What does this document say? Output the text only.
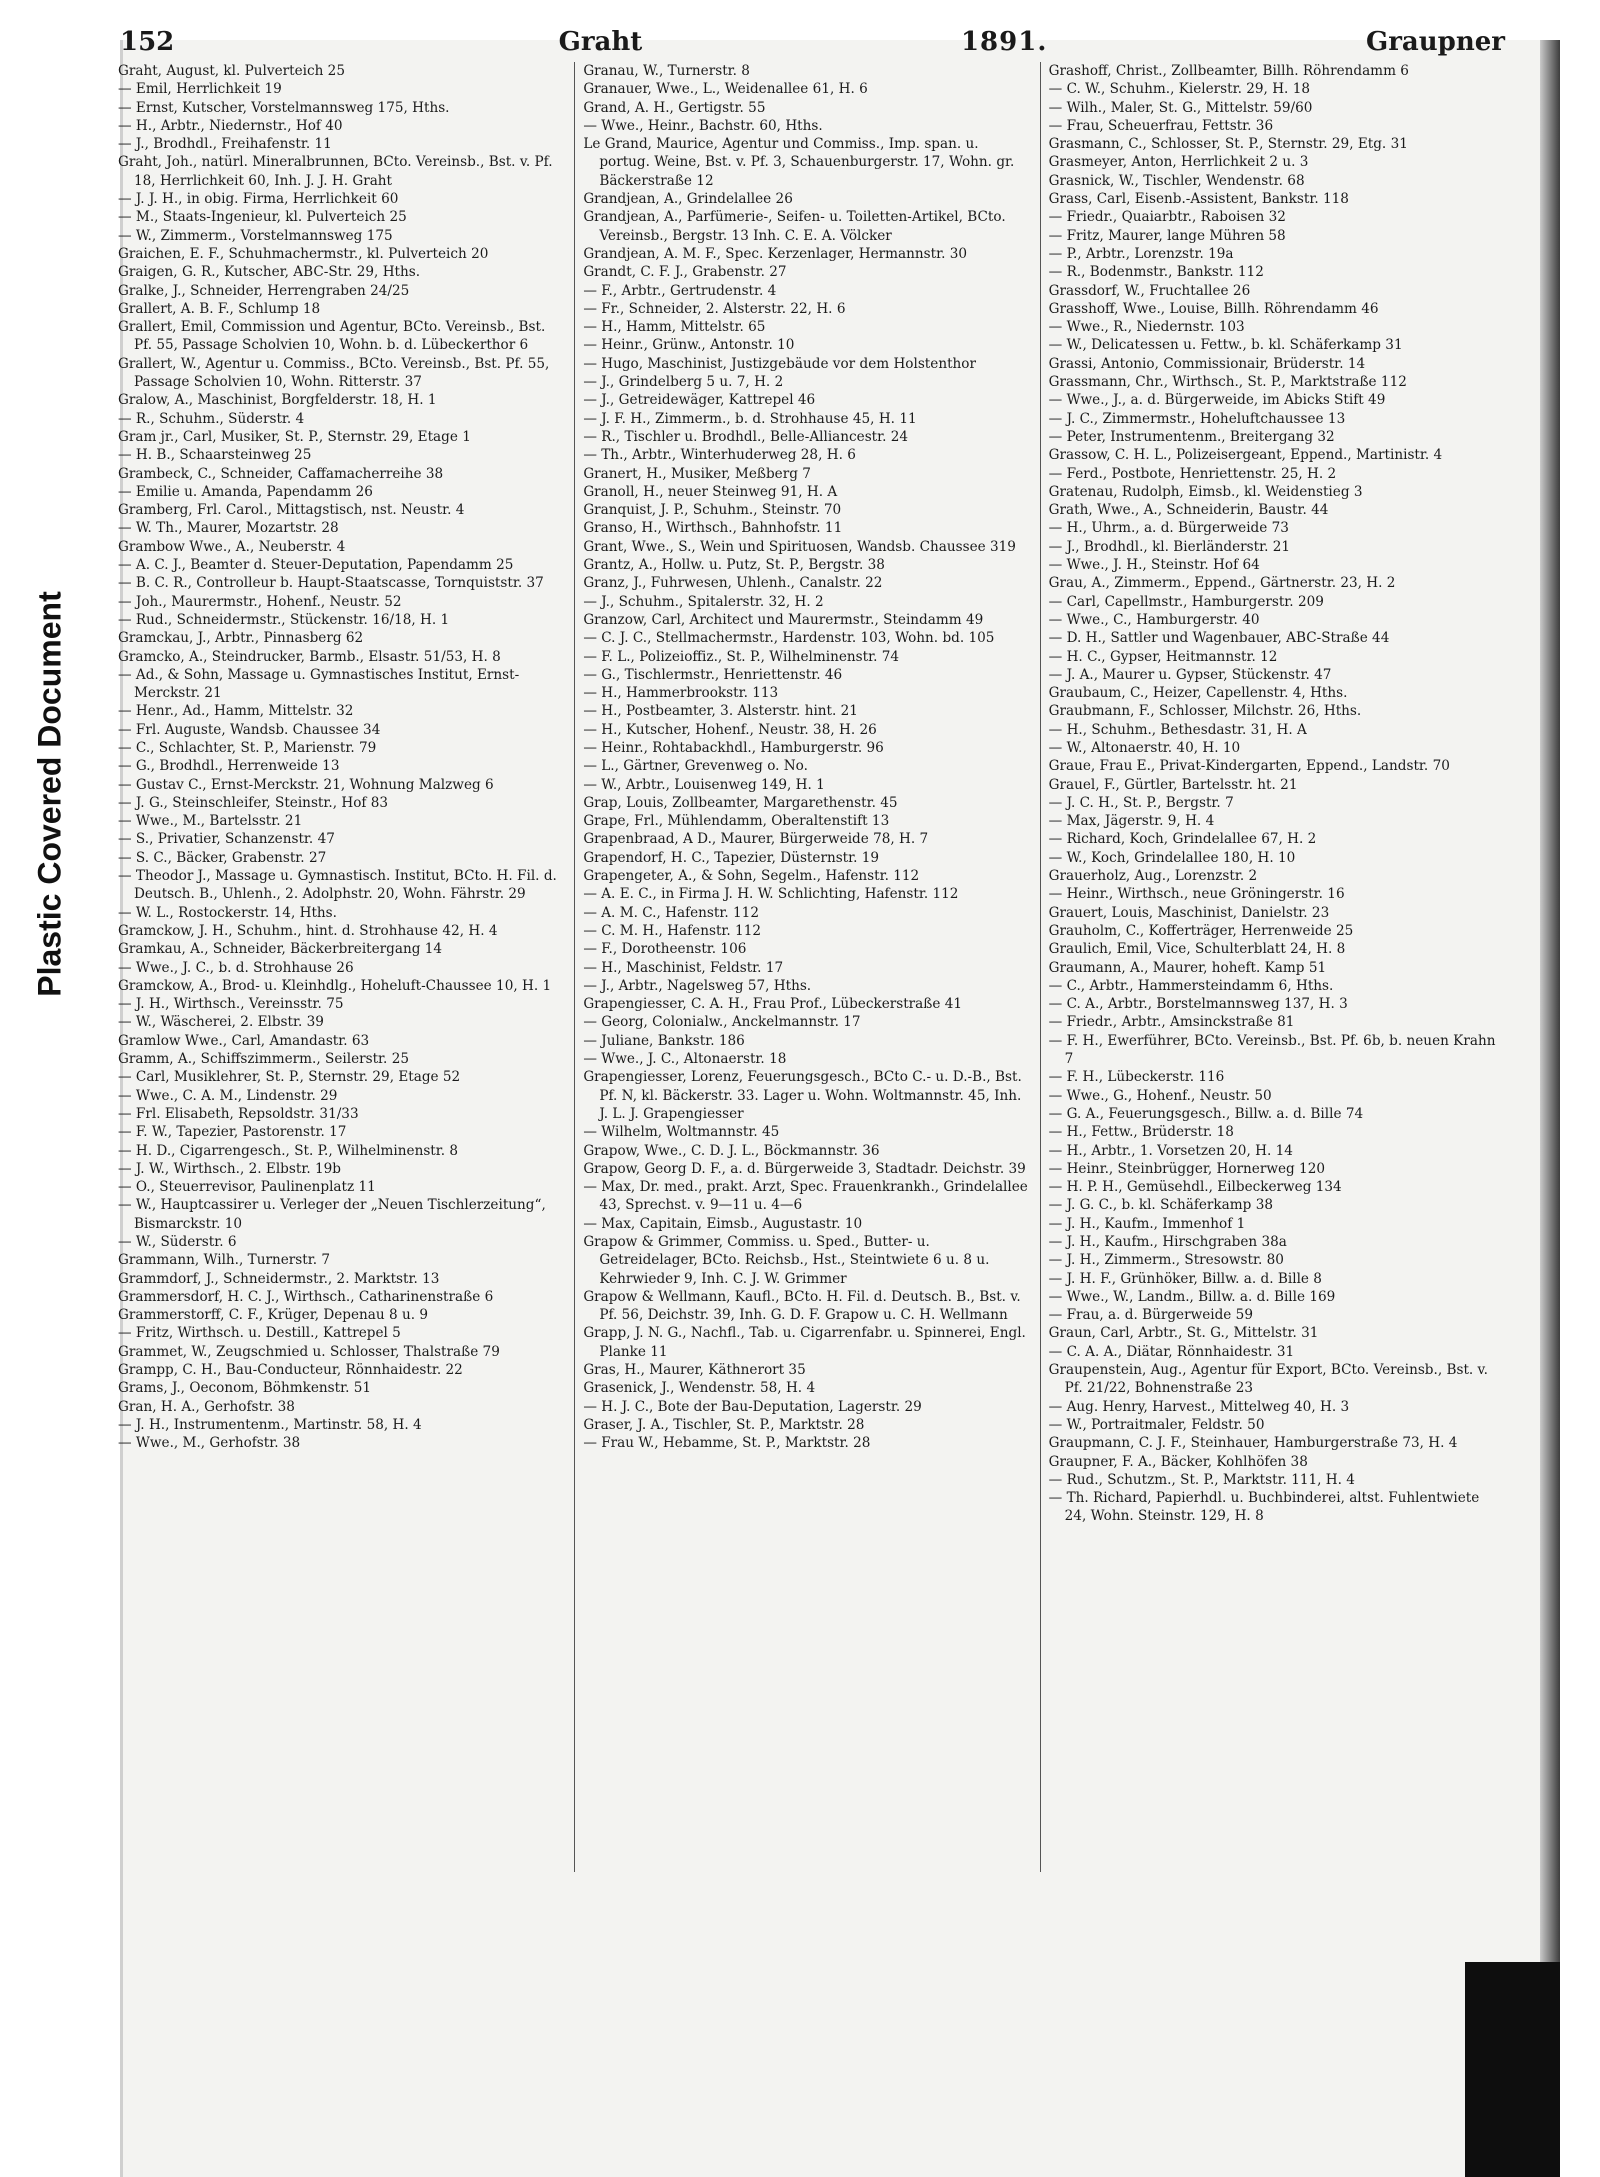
Plastic Covered Document
152	Graht	1891.	Graupner
Graht, August, kl. Pulverteich 25
— Emil, Herrlichkeit 19
— Ernst, Kutscher, Vorstelmannsweg 175, Hths.
— H., Arbtr., Niedernstr., Hof 40
— J., Brodhdl., Freihafenstr. 11
Graht, Joh., natürl. Mineralbrunnen, BCto. Vereinsb., Bst. v. Pf. 18, Herrlichkeit 60, Inh. J. J. H. Graht
— J. J. H., in obig. Firma, Herrlichkeit 60
— M., Staats-Ingenieur, kl. Pulverteich 25
— W., Zimmerm., Vorstelmannsweg 175
Graichen, E. F., Schuhmachermstr., kl. Pulverteich 20
Graigen, G. R., Kutscher, ABC-Str. 29, Hths.
Gralke, J., Schneider, Herrengraben 24/25
Grallert, A. B. F., Schlump 18
Grallert, Emil, Commission und Agentur, BCto. Vereinsb., Bst. Pf. 55, Passage Scholvien 10, Wohn. b. d. Lübeckerthor 6
Grallert, W., Agentur u. Commiss., BCto. Vereinsb., Bst. Pf. 55, Passage Scholvien 10, Wohn. Ritterstr. 37
Gralow, A., Maschinist, Borgfelderstr. 18, H. 1
— R., Schuhm., Süderstr. 4
Gram jr., Carl, Musiker, St. P., Sternstr. 29, Etage 1
— H. B., Schaarsteinweg 25
Grambeck, C., Schneider, Caffamacherreihe 38
— Emilie u. Amanda, Papendamm 26
Gramberg, Frl. Carol., Mittagstisch, nst. Neustr. 4
— W. Th., Maurer, Mozartstr. 28
Grambow Wwe., A., Neuberstr. 4
— A. C. J., Beamter d. Steuer-Deputation, Papendamm 25
— B. C. R., Controlleur b. Haupt-Staatscasse, Tornquiststr. 37
— Joh., Maurermstr., Hohenf., Neustr. 52
— Rud., Schneidermstr., Stückenstr. 16/18, H. 1
Gramckau, J., Arbtr., Pinnasberg 62
Gramcko, A., Steindrucker, Barmb., Elsastr. 51/53, H. 8
— Ad., & Sohn, Massage u. Gymnastisches Institut, Ernst-Merckstr. 21
— Henr., Ad., Hamm, Mittelstr. 32
— Frl. Auguste, Wandsb. Chaussee 34
— C., Schlachter, St. P., Marienstr. 79
— G., Brodhdl., Herrenweide 13
— Gustav C., Ernst-Merckstr. 21, Wohnung Malzweg 6
— J. G., Steinschleifer, Steinstr., Hof 83
— Wwe., M., Bartelsstr. 21
— S., Privatier, Schanzenstr. 47
— S. C., Bäcker, Grabenstr. 27
— Theodor J., Massage u. Gymnastisch. Institut, BCto. H. Fil. d. Deutsch. B., Uhlenh., 2. Adolphstr. 20, Wohn. Fährstr. 29
— W. L., Rostockerstr. 14, Hths.
Gramckow, J. H., Schuhm., hint. d. Strohhause 42, H. 4
Gramkau, A., Schneider, Bäckerbreitergang 14
— Wwe., J. C., b. d. Strohhause 26
Gramckow, A., Brod- u. Kleinhdlg., Hoheluft-Chaussee 10, H. 1
— J. H., Wirthsch., Vereinsstr. 75
— W., Wäscherei, 2. Elbstr. 39
Gramlow Wwe., Carl, Amandastr. 63
Gramm, A., Schiffszimmerm., Seilerstr. 25
— Carl, Musiklehrer, St. P., Sternstr. 29, Etage 52
— Wwe., C. A. M., Lindenstr. 29
— Frl. Elisabeth, Repsoldstr. 31/33
— F. W., Tapezier, Pastorenstr. 17
— H. D., Cigarrengesch., St. P., Wilhelminenstr. 8
— J. W., Wirthsch., 2. Elbstr. 19b
— O., Steuerrevisor, Paulinenplatz 11
— W., Hauptcassirer u. Verleger der „Neuen Tischlerzeitung“, Bismarckstr. 10
— W., Süderstr. 6
Grammann, Wilh., Turnerstr. 7
Grammdorf, J., Schneidermstr., 2. Marktstr. 13
Grammersdorf, H. C. J., Wirthsch., Catharinenstraße 6
Grammerstorff, C. F., Krüger, Depenau 8 u. 9
— Fritz, Wirthsch. u. Destill., Kattrepel 5
Grammet, W., Zeugschmied u. Schlosser, Thalstraße 79
Grampp, C. H., Bau-Conducteur, Rönnhaidestr. 22
Grams, J., Oeconom, Böhmkenstr. 51
Gran, H. A., Gerhofstr. 38
— J. H., Instrumentenm., Martinstr. 58, H. 4
— Wwe., M., Gerhofstr. 38
Granau, W., Turnerstr. 8
Granauer, Wwe., L., Weidenallee 61, H. 6
Grand, A. H., Gertigstr. 55
— Wwe., Heinr., Bachstr. 60, Hths.
Le Grand, Maurice, Agentur und Commiss., Imp. span. u. portug. Weine, Bst. v. Pf. 3, Schauenburgerstr. 17, Wohn. gr. Bäckerstraße 12
Grandjean, A., Grindelallee 26
Grandjean, A., Parfümerie-, Seifen- u. Toiletten-Artikel, BCto. Vereinsb., Bergstr. 13 Inh. C. E. A. Völcker
Grandjean, A. M. F., Spec. Kerzenlager, Hermannstr. 30
Grandt, C. F. J., Grabenstr. 27
— F., Arbtr., Gertrudenstr. 4
— Fr., Schneider, 2. Alsterstr. 22, H. 6
— H., Hamm, Mittelstr. 65
— Heinr., Grünw., Antonstr. 10
— Hugo, Maschinist, Justizgebäude vor dem Holstenthor
— J., Grindelberg 5 u. 7, H. 2
— J., Getreidewäger, Kattrepel 46
— J. F. H., Zimmerm., b. d. Strohhause 45, H. 11
— R., Tischler u. Brodhdl., Belle-Alliancestr. 24
— Th., Arbtr., Winterhuderweg 28, H. 6
Granert, H., Musiker, Meßberg 7
Granoll, H., neuer Steinweg 91, H. A
Granquist, J. P., Schuhm., Steinstr. 70
Granso, H., Wirthsch., Bahnhofstr. 11
Grant, Wwe., S., Wein und Spirituosen, Wandsb. Chaussee 319
Grantz, A., Hollw. u. Putz, St. P., Bergstr. 38
Granz, J., Fuhrwesen, Uhlenh., Canalstr. 22
— J., Schuhm., Spitalerstr. 32, H. 2
Granzow, Carl, Architect und Maurermstr., Steindamm 49
— C. J. C., Stellmachermstr., Hardenstr. 103, Wohn. bd. 105
— F. L., Polizeioffiz., St. P., Wilhelminenstr. 74
— G., Tischlermstr., Henriettenstr. 46
— H., Hammerbrookstr. 113
— H., Postbeamter, 3. Alsterstr. hint. 21
— H., Kutscher, Hohenf., Neustr. 38, H. 26
— Heinr., Rohtabackhdl., Hamburgerstr. 96
— L., Gärtner, Grevenweg o. No.
— W., Arbtr., Louisenweg 149, H. 1
Grap, Louis, Zollbeamter, Margarethenstr. 45
Grape, Frl., Mühlendamm, Oberaltenstift 13
Grapenbraad, A D., Maurer, Bürgerweide 78, H. 7
Grapendorf, H. C., Tapezier, Düsternstr. 19
Grapengeter, A., & Sohn, Segelm., Hafenstr. 112
— A. E. C., in Firma J. H. W. Schlichting, Hafenstr. 112
— A. M. C., Hafenstr. 112
— C. M. H., Hafenstr. 112
— F., Dorotheenstr. 106
— H., Maschinist, Feldstr. 17
— J., Arbtr., Nagelsweg 57, Hths.
Grapengiesser, C. A. H., Frau Prof., Lübeckerstraße 41
— Georg, Colonialw., Anckelmannstr. 17
— Juliane, Bankstr. 186
— Wwe., J. C., Altonaerstr. 18
Grapengiesser, Lorenz, Feuerungsgesch., BCto C.- u. D.-B., Bst. Pf. N, kl. Bäckerstr. 33. Lager u. Wohn. Woltmannstr. 45, Inh. J. L. J. Grapengiesser
— Wilhelm, Woltmannstr. 45
Grapow, Wwe., C. D. J. L., Böckmannstr. 36
Grapow, Georg D. F., a. d. Bürgerweide 3, Stadtadr. Deichstr. 39
— Max, Dr. med., prakt. Arzt, Spec. Frauenkrankh., Grindelallee 43, Sprechst. v. 9—11 u. 4—6
— Max, Capitain, Eimsb., Augustastr. 10
Grapow & Grimmer, Commiss. u. Sped., Butter- u. Getreidelager, BCto. Reichsb., Hst., Steintwiete 6 u. 8 u. Kehrwieder 9, Inh. C. J. W. Grimmer
Grapow & Wellmann, Kaufl., BCto. H. Fil. d. Deutsch. B., Bst. v. Pf. 56, Deichstr. 39, Inh. G. D. F. Grapow u. C. H. Wellmann
Grapp, J. N. G., Nachfl., Tab. u. Cigarrenfabr. u. Spinnerei, Engl. Planke 11
Gras, H., Maurer, Käthnerort 35
Grasenick, J., Wendenstr. 58, H. 4
— H. J. C., Bote der Bau-Deputation, Lagerstr. 29
Graser, J. A., Tischler, St. P., Marktstr. 28
— Frau W., Hebamme, St. P., Marktstr. 28
Grashoff, Christ., Zollbeamter, Billh. Röhrendamm 6
— C. W., Schuhm., Kielerstr. 29, H. 18
— Wilh., Maler, St. G., Mittelstr. 59/60
— Frau, Scheuerfrau, Fettstr. 36
Grasmann, C., Schlosser, St. P., Sternstr. 29, Etg. 31
Grasmeyer, Anton, Herrlichkeit 2 u. 3
Grasnick, W., Tischler, Wendenstr. 68
Grass, Carl, Eisenb.-Assistent, Bankstr. 118
— Friedr., Quaiarbtr., Raboisen 32
— Fritz, Maurer, lange Mühren 58
— P., Arbtr., Lorenzstr. 19a
— R., Bodenmstr., Bankstr. 112
Grassdorf, W., Fruchtallee 26
Grasshoff, Wwe., Louise, Billh. Röhrendamm 46
— Wwe., R., Niedernstr. 103
— W., Delicatessen u. Fettw., b. kl. Schäferkamp 31
Grassi, Antonio, Commissionair, Brüderstr. 14
Grassmann, Chr., Wirthsch., St. P., Marktstraße 112
— Wwe., J., a. d. Bürgerweide, im Abicks Stift 49
— J. C., Zimmermstr., Hoheluftchaussee 13
— Peter, Instrumentenm., Breitergang 32
Grassow, C. H. L., Polizeisergeant, Eppend., Martinistr. 4
— Ferd., Postbote, Henriettenstr. 25, H. 2
Gratenau, Rudolph, Eimsb., kl. Weidenstieg 3
Grath, Wwe., A., Schneiderin, Baustr. 44
— H., Uhrm., a. d. Bürgerweide 73
— J., Brodhdl., kl. Bierländerstr. 21
— Wwe., J. H., Steinstr. Hof 64
Grau, A., Zimmerm., Eppend., Gärtnerstr. 23, H. 2
— Carl, Capellmstr., Hamburgerstr. 209
— Wwe., C., Hamburgerstr. 40
— D. H., Sattler und Wagenbauer, ABC-Straße 44
— H. C., Gypser, Heitmannstr. 12
— J. A., Maurer u. Gypser, Stückenstr. 47
Graubaum, C., Heizer, Capellenstr. 4, Hths.
Graubmann, F., Schlosser, Milchstr. 26, Hths.
— H., Schuhm., Bethesdastr. 31, H. A
— W., Altonaerstr. 40, H. 10
Graue, Frau E., Privat-Kindergarten, Eppend., Landstr. 70
Grauel, F., Gürtler, Bartelsstr. ht. 21
— J. C. H., St. P., Bergstr. 7
— Max, Jägerstr. 9, H. 4
— Richard, Koch, Grindelallee 67, H. 2
— W., Koch, Grindelallee 180, H. 10
Grauerholz, Aug., Lorenzstr. 2
— Heinr., Wirthsch., neue Gröningerstr. 16
Grauert, Louis, Maschinist, Danielstr. 23
Grauholm, C., Kofferträger, Herrenweide 25
Graulich, Emil, Vice, Schulterblatt 24, H. 8
Graumann, A., Maurer, hoheft. Kamp 51
— C., Arbtr., Hammersteindamm 6, Hths.
— C. A., Arbtr., Borstelmannsweg 137, H. 3
— Friedr., Arbtr., Amsinckstraße 81
— F. H., Ewerführer, BCto. Vereinsb., Bst. Pf. 6b, b. neuen Krahn 7
— F. H., Lübeckerstr. 116
— Wwe., G., Hohenf., Neustr. 50
— G. A., Feuerungsgesch., Billw. a. d. Bille 74
— H., Fettw., Brüderstr. 18
— H., Arbtr., 1. Vorsetzen 20, H. 14
— Heinr., Steinbrügger, Hornerweg 120
— H. P. H., Gemüsehdl., Eilbeckerweg 134
— J. G. C., b. kl. Schäferkamp 38
— J. H., Kaufm., Immenhof 1
— J. H., Kaufm., Hirschgraben 38a
— J. H., Zimmerm., Stresowstr. 80
— J. H. F., Grünhöker, Billw. a. d. Bille 8
— Wwe., W., Landm., Billw. a. d. Bille 169
— Frau, a. d. Bürgerweide 59
Graun, Carl, Arbtr., St. G., Mittelstr. 31
— C. A. A., Diätar, Rönnhaidestr. 31
Graupenstein, Aug., Agentur für Export, BCto. Vereinsb., Bst. v. Pf. 21/22, Bohnenstraße 23
— Aug. Henry, Harvest., Mittelweg 40, H. 3
— W., Portraitmaler, Feldstr. 50
Graupmann, C. J. F., Steinhauer, Hamburgerstraße 73, H. 4
Graupner, F. A., Bäcker, Kohlhöfen 38
— Rud., Schutzm., St. P., Marktstr. 111, H. 4
— Th. Richard, Papierhdl. u. Buchbinderei, altst. Fuhlentwiete 24, Wohn. Steinstr. 129, H. 8
